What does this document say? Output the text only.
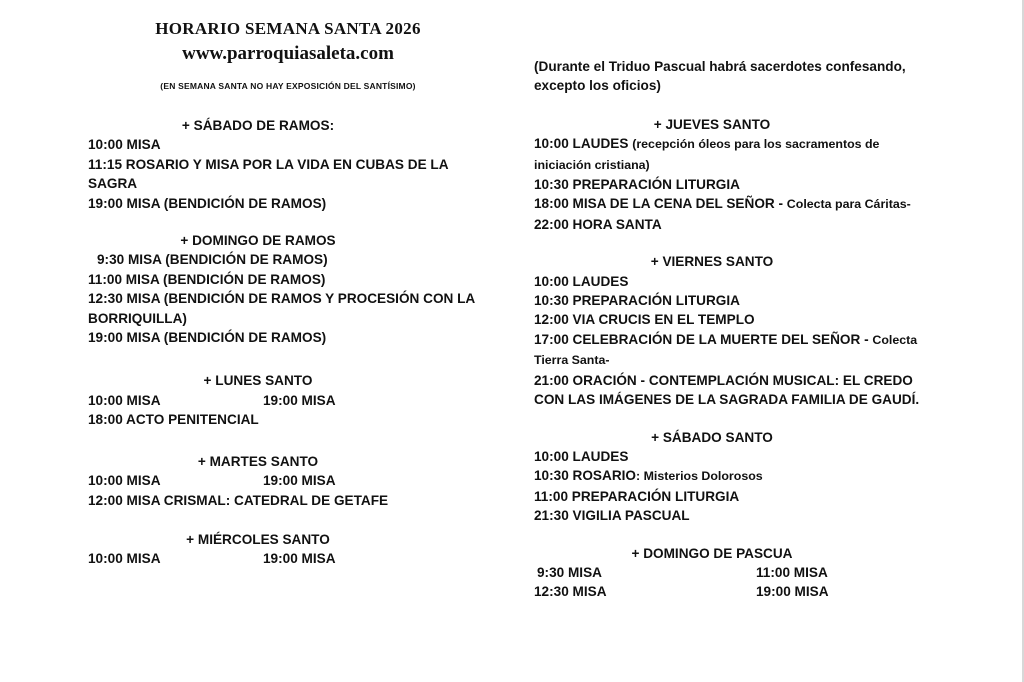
HORARIO SEMANA SANTA 2026
www.parroquiasaleta.com
(EN SEMANA SANTA NO HAY EXPOSICIÓN DEL SANTÍSIMO)
+ SÁBADO DE RAMOS:
10:00 MISA
11:15 ROSARIO Y MISA POR LA VIDA EN CUBAS DE LA SAGRA
19:00 MISA (BENDICIÓN DE RAMOS)
+ DOMINGO DE RAMOS
9:30 MISA (BENDICIÓN DE RAMOS)
11:00 MISA (BENDICIÓN DE RAMOS)
12:30 MISA (BENDICIÓN DE RAMOS Y PROCESIÓN CON LA BORRIQUILLA)
19:00 MISA (BENDICIÓN DE RAMOS)
+ LUNES SANTO
10:00 MISA	19:00 MISA
18:00 ACTO PENITENCIAL
+ MARTES SANTO
10:00 MISA	19:00 MISA
12:00 MISA CRISMAL: CATEDRAL DE GETAFE
+ MIÉRCOLES SANTO
10:00 MISA	19:00 MISA
(Durante el Triduo Pascual habrá sacerdotes confesando, excepto los oficios)
+ JUEVES SANTO
10:00 LAUDES (recepción óleos para los sacramentos de iniciación cristiana)
10:30 PREPARACIÓN LITURGIA
18:00 MISA DE LA CENA DEL SEÑOR - Colecta para Cáritas-
22:00 HORA SANTA
+ VIERNES SANTO
10:00 LAUDES
10:30 PREPARACIÓN LITURGIA
12:00 VIA CRUCIS EN EL TEMPLO
17:00 CELEBRACIÓN DE LA MUERTE DEL SEÑOR - Colecta Tierra Santa-
21:00 ORACIÓN - CONTEMPLACIÓN MUSICAL: EL CREDO CON LAS IMÁGENES DE LA SAGRADA FAMILIA DE GAUDÍ.
+ SÁBADO SANTO
10:00 LAUDES
10:30 ROSARIO: Misterios Dolorosos
11:00 PREPARACIÓN LITURGIA
21:30 VIGILIA PASCUAL
+ DOMINGO DE PASCUA
9:30 MISA	11:00 MISA
12:30 MISA	19:00 MISA
